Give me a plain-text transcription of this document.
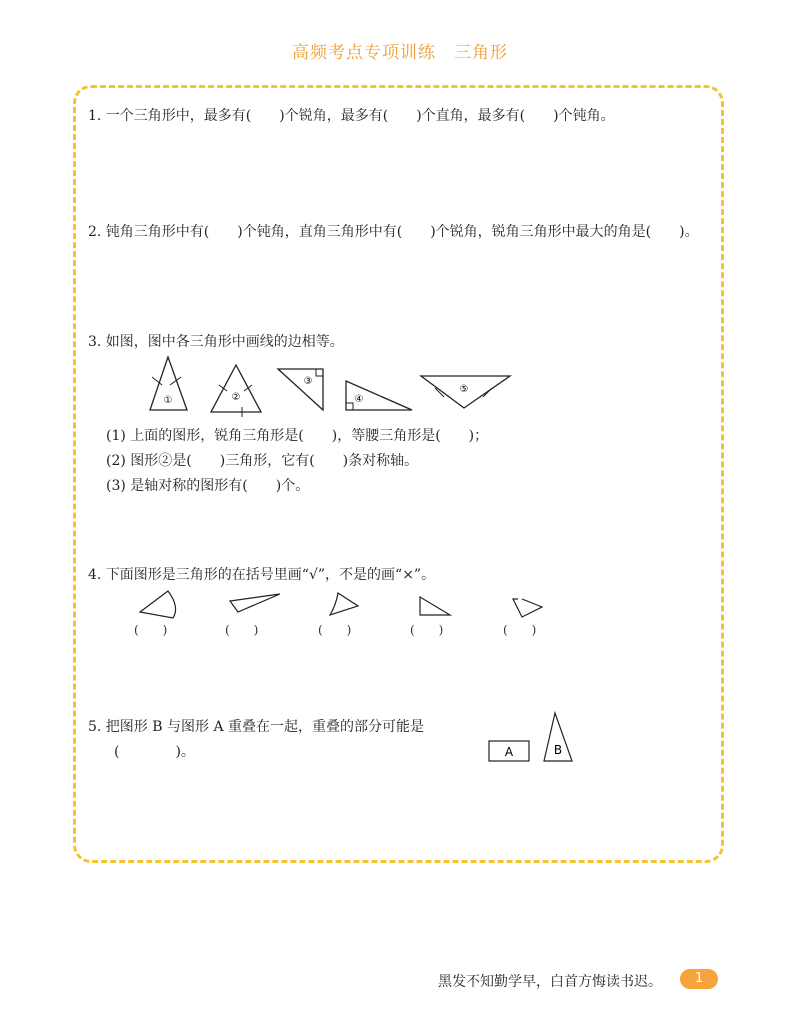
高频考点专项训练　三角形
1. 一个三角形中，最多有(　　)个锐角，最多有(　　)个直角，最多有(　　)个钝角。
2. 钝角三角形中有(　　)个钝角，直角三角形中有(　　)个锐角，锐角三角形中最大的角是(　　)。
3. 如图，图中各三角形中画线的边相等。
①	②
③
④
⑤
(1) 上面的图形，锐角三角形是(　　)，等腰三角形是(　　)；
(2) 图形②是(　　)三角形，它有(　　)条对称轴。
(3) 是轴对称的图形有(　　)个。
4. 下面图形是三角形的在括号里画“√”，不是的画“×”。
(　　)	(　　)	(　　)	(　　)	(　　)
5. 把图形 B 与图形 A 重叠在一起，重叠的部分可能是
(　　　　)。	A	B
黑发不知勤学早，白首方悔读书迟。	1
